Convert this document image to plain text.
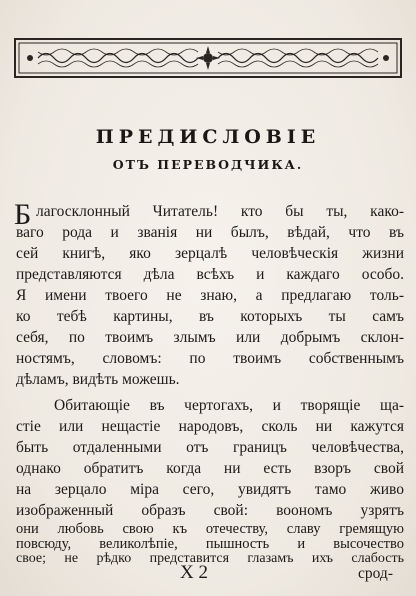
ПРЕДИСЛОВІЕ
ОТЪ ПЕРЕВОДЧИКА.
Б лагосклонный Читатель! кто бы ты, како-
ваго рода и званія ни былъ, вѣдай, что въ
сей книгѣ, яко зерцалѣ человѣческія жизни
представляются дѣла всѣхъ и каждаго особо.
Я имени твоего не знаю, а предлагаю толь-
ко тебѣ картины, въ которыхъ ты самъ
себя, по твоимъ злымъ или добрымъ склон-
ностямъ, словомъ: по твоимъ собственнымъ
дѣламъ, видѣть можешь.
Обитающіе въ чертогахъ, и творящіе ща-
стіе или нещастіе народовъ, сколь ни кажутся
быть отдаленными отъ границъ человѣчества,
однако обратитъ когда ни есть взоръ свой
на зерцало міра сего, увидятъ тамо живо
изображенный образъ свой: воономъ узрятъ
они любовь свою къ отечеству, славу гремящую
повсюду, великолѣпіе, пышность и высочество
Х 2	срод-
свое; не рѣдко представится глазамъ ихъ слабость
